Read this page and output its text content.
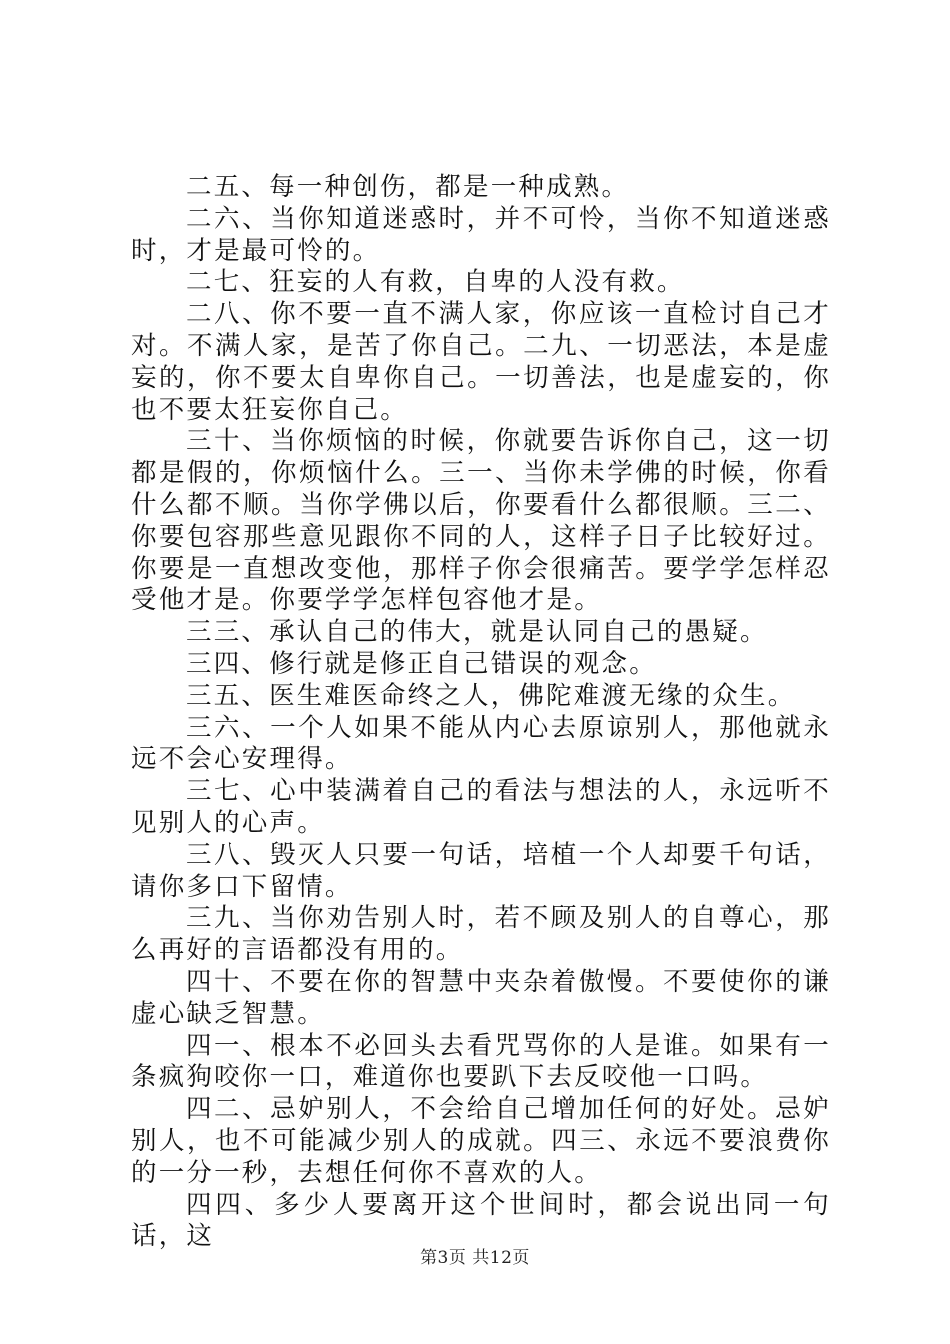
二五、每一种创伤，都是一种成熟。

二六、当你知道迷惑时，并不可怜，当你不知道迷惑时，才是最可怜的。

二七、狂妄的人有救，自卑的人没有救。

二八、你不要一直不满人家，你应该一直检讨自己才对。不满人家，是苦了你自己。二九、一切恶法，本是虚妄的，你不要太自卑你自己。一切善法，也是虚妄的，你也不要太狂妄你自己。

三十、当你烦恼的时候，你就要告诉你自己，这一切都是假的，你烦恼什么。三一、当你未学佛的时候，你看什么都不顺。当你学佛以后，你要看什么都很顺。三二、你要包容那些意见跟你不同的人，这样子日子比较好过。你要是一直想改变他，那样子你会很痛苦。要学学怎样忍受他才是。你要学学怎样包容他才是。

三三、承认自己的伟大，就是认同自己的愚疑。

三四、修行就是修正自己错误的观念。

三五、医生难医命终之人，佛陀难渡无缘的众生。

三六、一个人如果不能从内心去原谅别人，那他就永远不会心安理得。

三七、心中装满着自己的看法与想法的人，永远听不见别人的心声。

三八、毁灭人只要一句话，培植一个人却要千句话，请你多口下留情。

三九、当你劝告别人时，若不顾及别人的自尊心，那么再好的言语都没有用的。

四十、不要在你的智慧中夹杂着傲慢。不要使你的谦虚心缺乏智慧。

四一、根本不必回头去看咒骂你的人是谁。如果有一条疯狗咬你一口，难道你也要趴下去反咬他一口吗。

四二、忌妒别人，不会给自己增加任何的好处。忌妒别人，也不可能减少别人的成就。四三、永远不要浪费你的一分一秒，去想任何你不喜欢的人。

四四、多少人要离开这个世间时，都会说出同一句话，这

第3页 共12页
